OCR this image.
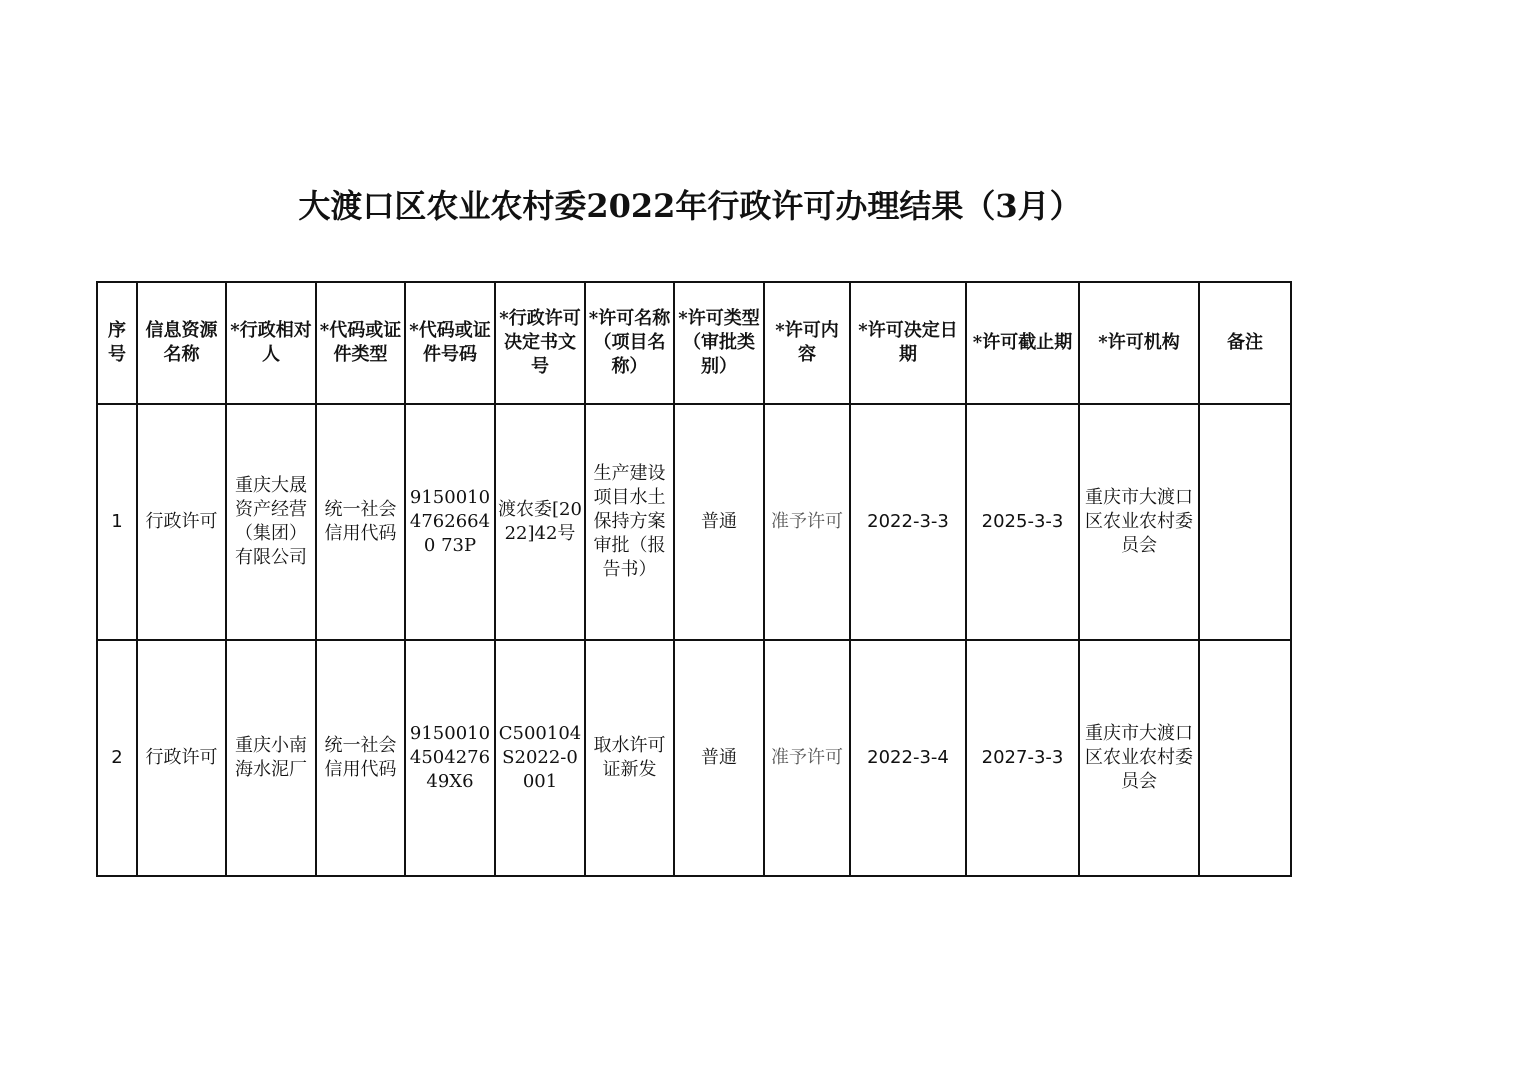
大渡口区农业农村委2022年行政许可办理结果（3月）
序号	信息资源名称	*行政相对人	*代码或证件类型	*代码或证件号码	*行政许可决定书文号	*许可名称（项目名称）	*许可类型（审批类别）	*许可内容	*许可决定日期	*许可截止期	*许可机构	备注
1	行政许可	重庆大晟资产经营（集团）有限公司	统一社会信用代码	915001047626640 73P	渡农委[2022]42号	生产建设项目水土保持方案审批（报告书）	普通	准予许可	2022-3-3	2025-3-3	重庆市大渡口区农业农村委员会	
2	行政许可	重庆小南海水泥厂	统一社会信用代码	91500104504276 49X6	C500104S2022-0001	取水许可证新发	普通	准予许可	2022-3-4	2027-3-3	重庆市大渡口区农业农村委员会	
